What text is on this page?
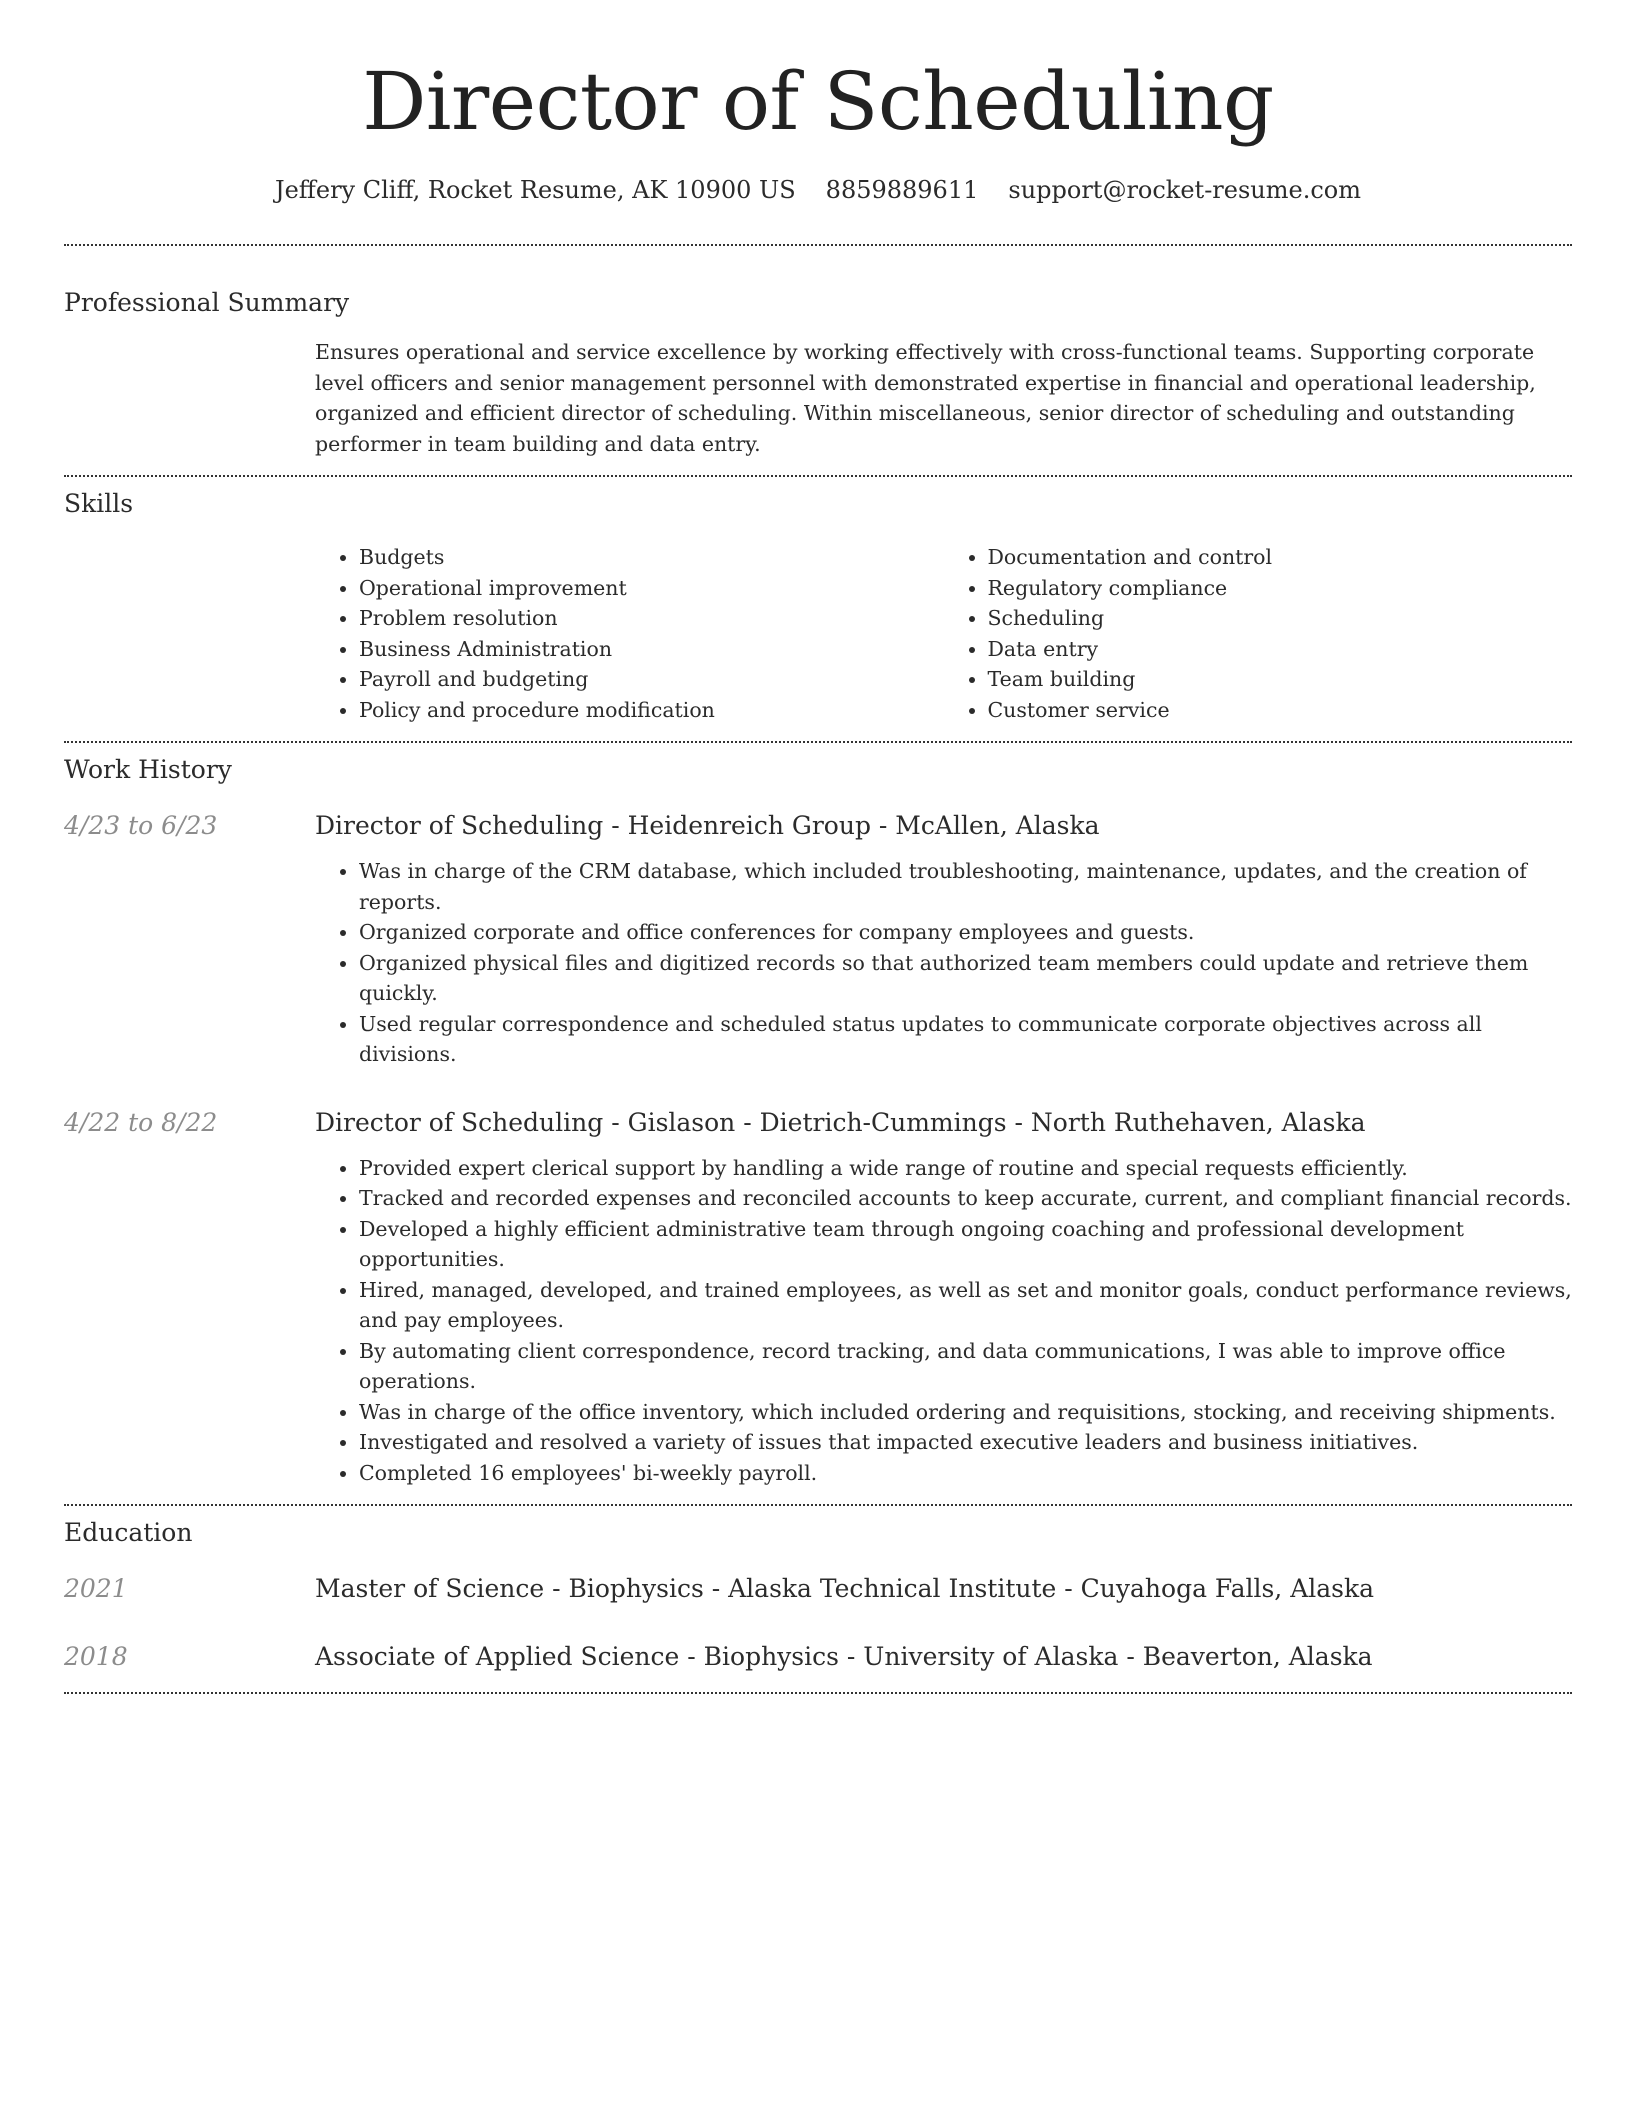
Director of Scheduling
Jeffery Cliff, Rocket Resume, AK 10900 US 8859889611 support@rocket-resume.com
Professional Summary
Ensures operational and service excellence by working effectively with cross-functional teams. Supporting corporate level officers and senior management personnel with demonstrated expertise in financial and operational leadership, organized and efficient director of scheduling. Within miscellaneous, senior director of scheduling and outstanding performer in team building and data entry.
Skills
• Budgets
• Operational improvement
• Problem resolution
• Business Administration
• Payroll and budgeting
• Policy and procedure modification
• Documentation and control
• Regulatory compliance
• Scheduling
• Data entry
• Team building
• Customer service
Work History
4/23 to 6/23	Director of Scheduling - Heidenreich Group - McAllen, Alaska
• Was in charge of the CRM database, which included troubleshooting, maintenance, updates, and the creation of reports.
• Organized corporate and office conferences for company employees and guests.
• Organized physical files and digitized records so that authorized team members could update and retrieve them quickly.
• Used regular correspondence and scheduled status updates to communicate corporate objectives across all divisions.
4/22 to 8/22	Director of Scheduling - Gislason - Dietrich-Cummings - North Ruthehaven, Alaska
• Provided expert clerical support by handling a wide range of routine and special requests efficiently.
• Tracked and recorded expenses and reconciled accounts to keep accurate, current, and compliant financial records.
• Developed a highly efficient administrative team through ongoing coaching and professional development opportunities.
• Hired, managed, developed, and trained employees, as well as set and monitor goals, conduct performance reviews, and pay employees.
• By automating client correspondence, record tracking, and data communications, I was able to improve office operations.
• Was in charge of the office inventory, which included ordering and requisitions, stocking, and receiving shipments.
• Investigated and resolved a variety of issues that impacted executive leaders and business initiatives.
• Completed 16 employees' bi-weekly payroll.
Education
2021	Master of Science - Biophysics - Alaska Technical Institute - Cuyahoga Falls, Alaska
2018	Associate of Applied Science - Biophysics - University of Alaska - Beaverton, Alaska
